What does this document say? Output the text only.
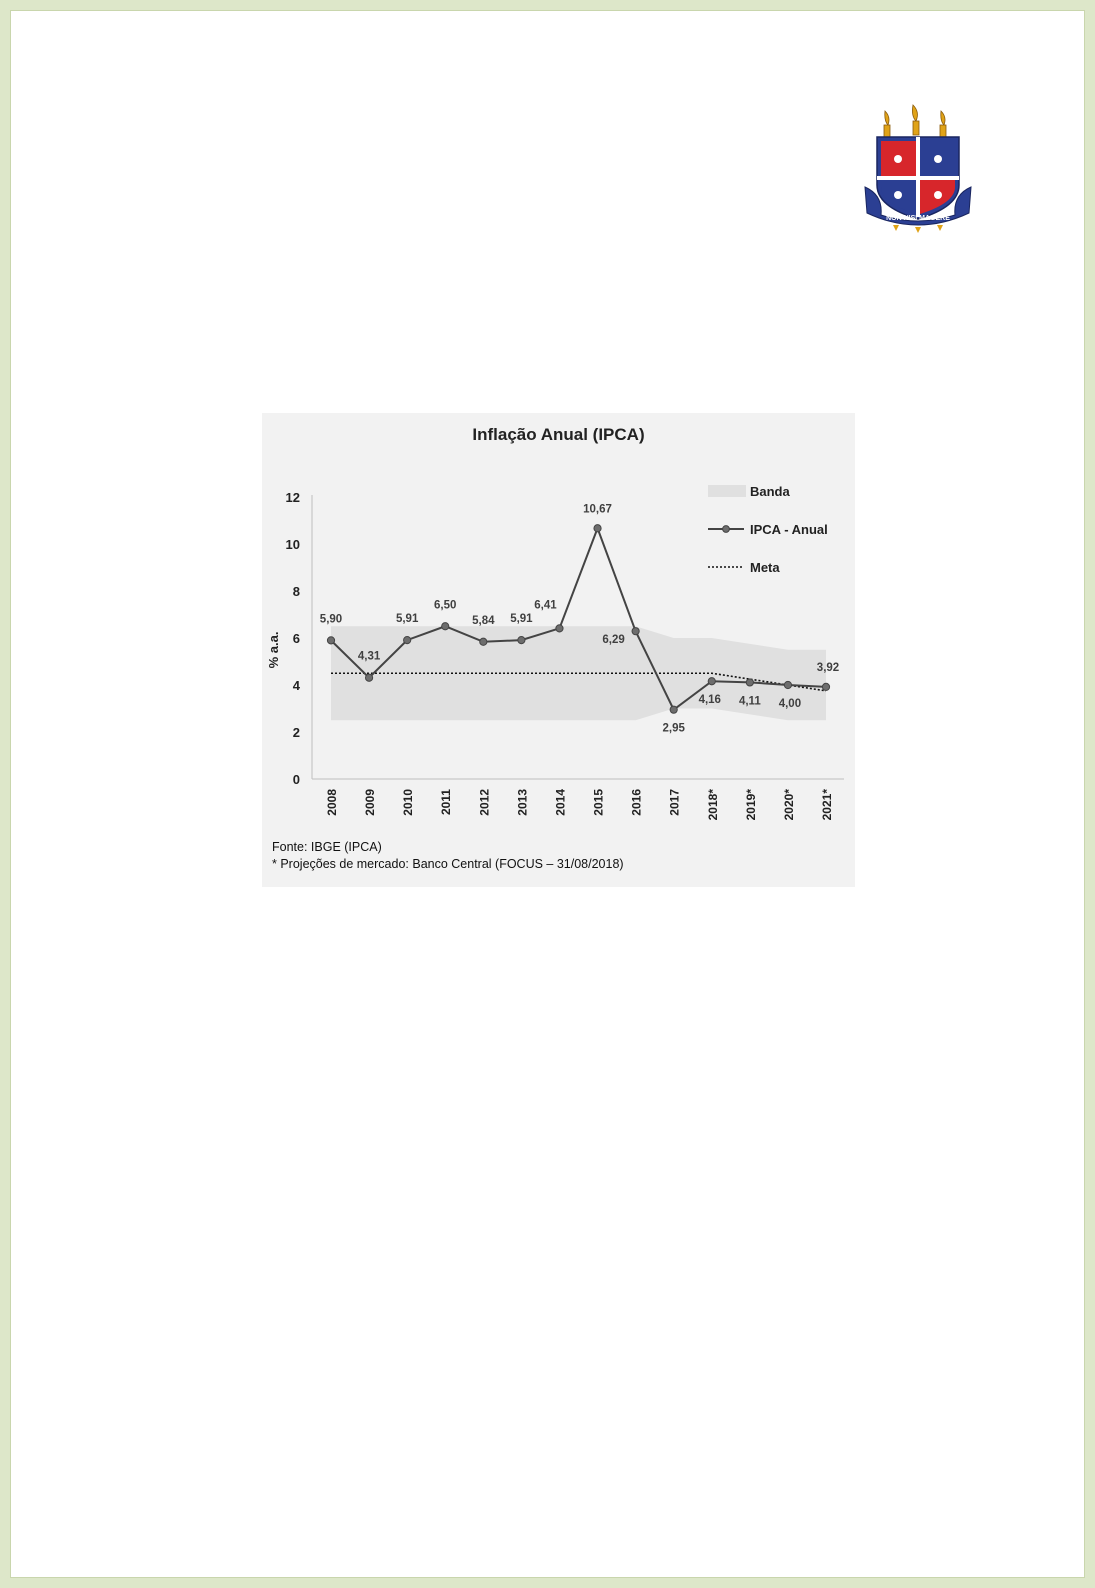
NON NISI MAGERE
Inflação Anual (IPCA)
0
2
4
6
8
10
12
% a.a.
2008 2009 2010 2011 2012 2013 2014 2015 2016 2017 2018* 2019* 2020* 2021*
5,90
4,31
5,91
6,50
5,84 5,91
6,41
10,67
6,29
2,95
4,16 4,11 4,00
3,92
Banda
IPCA - Anual
Meta
Fonte: IBGE (IPCA)
* Projeções de mercado: Banco Central (FOCUS – 31/08/2018)
